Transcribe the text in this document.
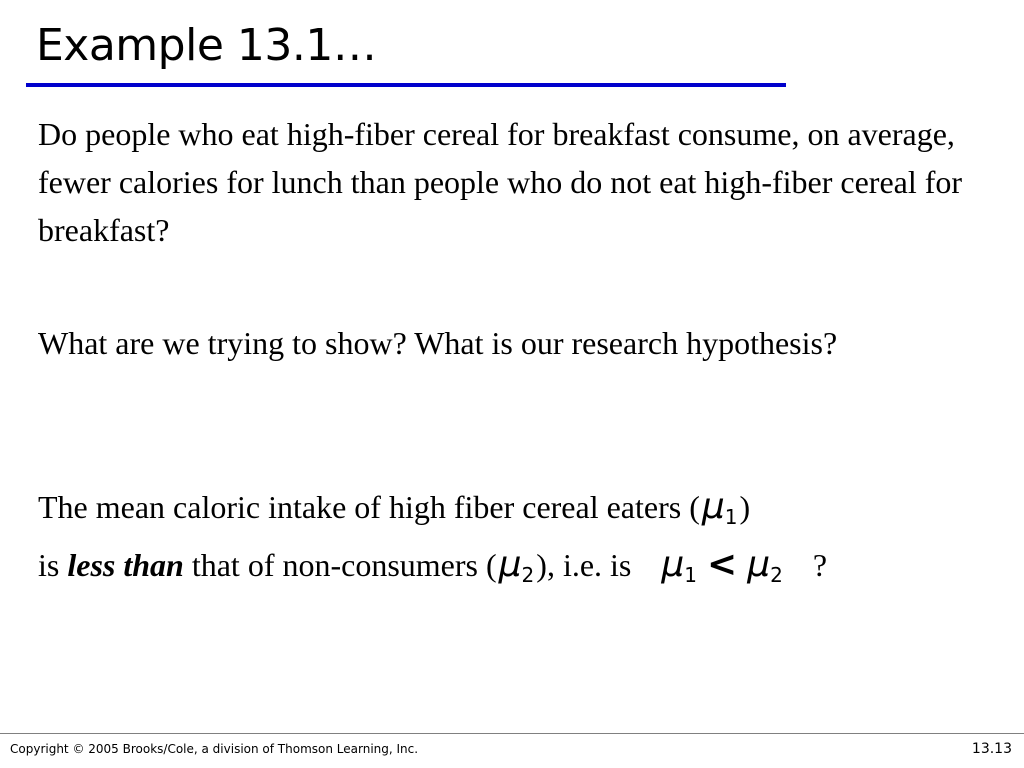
Example 13.1…

Do people who eat high-fiber cereal for breakfast consume, on average, fewer calories for lunch than people who do not eat high-fiber cereal for breakfast?

What are we trying to show? What is our research hypothesis?

The mean caloric intake of high fiber cereal eaters $(\mu_1)$
is less than that of non-consumers $(\mu_2)$, i.e. is $\mu_1 < \mu_2$ ?
Copyright © 2005 Brooks/Cole, a division of Thomson Learning, Inc.	13.13
